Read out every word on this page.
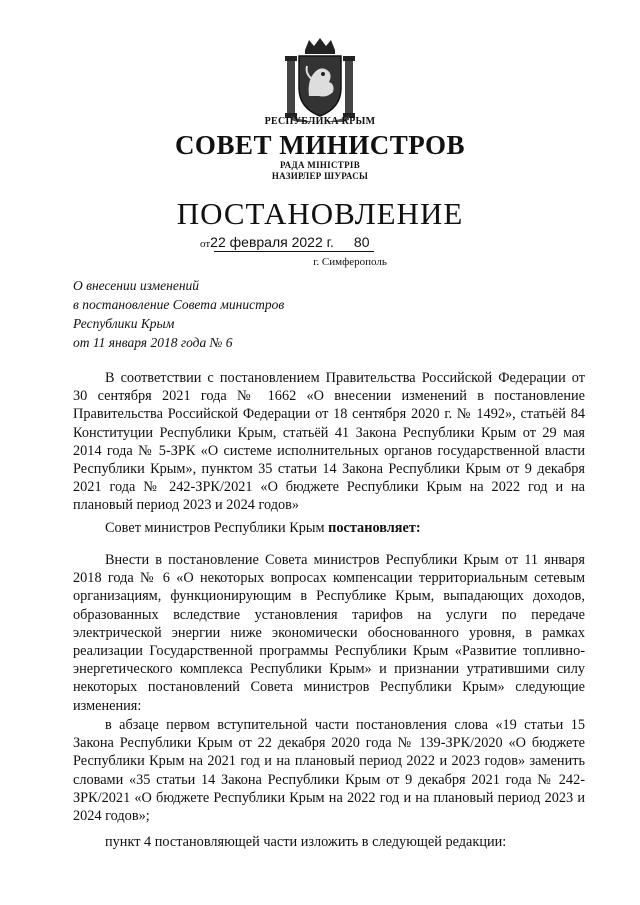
РЕСПУБЛИКА КРЫМ
СОВЕТ МИНИСТРОВ
РАДА МІНІСТРІВ
НАЗИРЛЕР ШУРАСЫ
ПОСТАНОВЛЕНИЕ
от22 февраля 2022 г. 80
г. Симферополь
О внесении изменений
в постановление Совета министров
Республики Крым
от 11 января 2018 года № 6

В соответствии с постановлением Правительства Российской Федерации от 30 сентября 2021 года № 1662 «О внесении изменений в постановление Правительства Российской Федерации от 18 сентября 2020 г. № 1492», статьёй 84 Конституции Республики Крым, статьёй 41 Закона Республики Крым от 29 мая 2014 года № 5-ЗРК «О системе исполнительных органов государственной власти Республики Крым», пунктом 35 статьи 14 Закона Республики Крым от 9 декабря 2021 года № 242-ЗРК/2021 «О бюджете Республики Крым на 2022 год и на плановый период 2023 и 2024 годов»

Совет министров Республики Крым постановляет:

Внести в постановление Совета министров Республики Крым от 11 января 2018 года № 6 «О некоторых вопросах компенсации территориальным сетевым организациям, функционирующим в Республике Крым, выпадающих доходов, образованных вследствие установления тарифов на услуги по передаче электрической энергии ниже экономически обоснованного уровня, в рамках реализации Государственной программы Республики Крым «Развитие топливно-энергетического комплекса Республики Крым» и признании утратившими силу некоторых постановлений Совета министров Республики Крым» следующие изменения:

в абзаце первом вступительной части постановления слова «19 статьи 15 Закона Республики Крым от 22 декабря 2020 года № 139-ЗРК/2020 «О бюджете Республики Крым на 2021 год и на плановый период 2022 и 2023 годов» заменить словами «35 статьи 14 Закона Республики Крым от 9 декабря 2021 года № 242-ЗРК/2021 «О бюджете Республики Крым на 2022 год и на плановый период 2023 и 2024 годов»;

пункт 4 постановляющей части изложить в следующей редакции:
